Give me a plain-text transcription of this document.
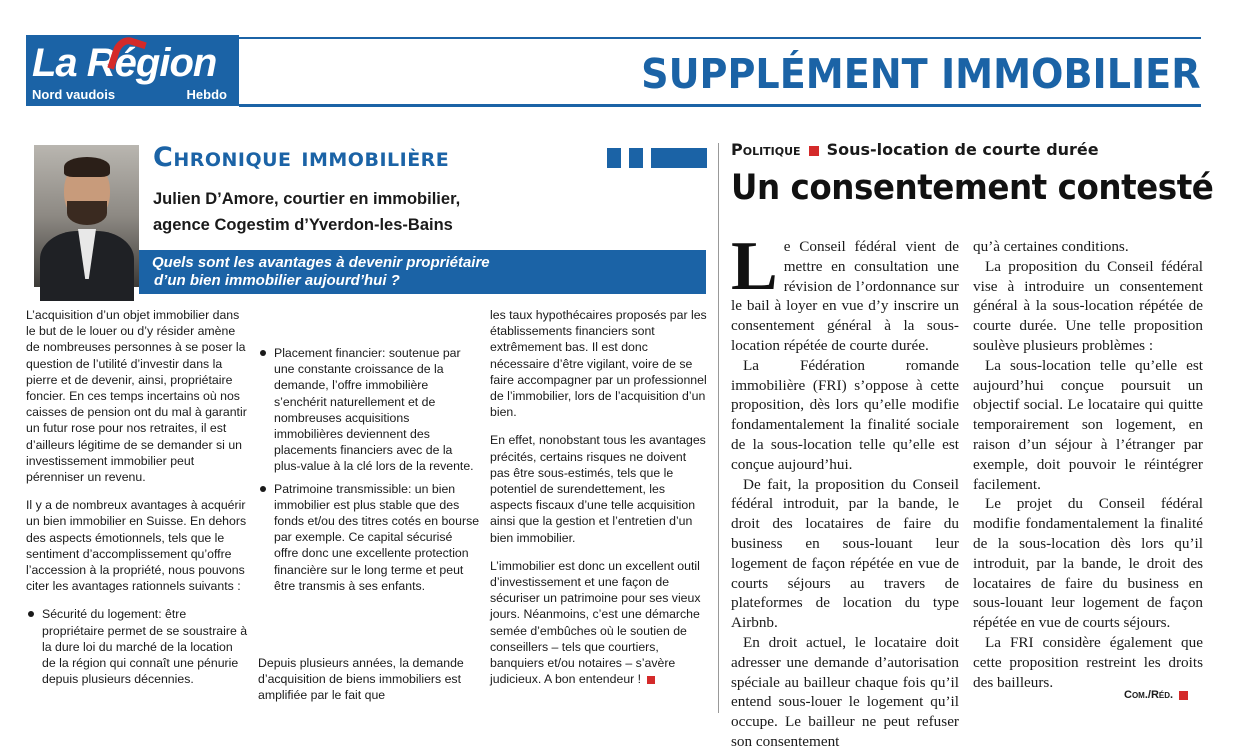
La Région
Nord vaudois	Hebdo	SUPPLÉMENT IMMOBILIER
Chronique immobilière
Julien D’Amore, courtier en immobilier,
agence Cogestim d’Yverdon-les-Bains
Quels sont les avantages à devenir propriétaire
d’un bien immobilier aujourd’hui ?

L’acquisition d’un objet immobilier dans le but de le louer ou d’y résider amène de nombreuses personnes à se poser la question de l’utilité d’investir dans la pierre et de devenir, ainsi, propriétaire foncier. En ces temps incertains où nos caisses de pension ont du mal à garantir un futur rose pour nos retraites, il est d’ailleurs légitime de se demander si un investissement immobilier peut pérenniser un revenu.

Il y a de nombreux avantages à acquérir un bien immobilier en Suisse. En dehors des aspects émotionnels, tels que le sentiment d’accomplissement qu’offre l’accession à la propriété, nous pouvons citer les avantages rationnels suivants :

Sécurité du logement: être propriétaire permet de se soustraire à la dure loi du marché de la location de la région qui connaît une pénurie depuis plusieurs décennies.
Placement financier: soutenue par une constante croissance de la demande, l’offre immobilière s’enchérit naturellement et de nombreuses acquisitions immobilières deviennent des placements financiers avec de la plus-value à la clé lors de la revente.
Patrimoine transmissible: un bien immobilier est plus stable que des fonds et/ou des titres cotés en bourse par exemple. Ce capital sécurisé offre donc une excellente protection financière sur le long terme et peut être transmis à ses enfants.

Depuis plusieurs années, la demande d’acquisition de biens immobiliers est amplifiée par le fait que

les taux hypothécaires proposés par les établissements financiers sont extrêmement bas. Il est donc nécessaire d’être vigilant, voire de se faire accompagner par un professionnel de l’immobilier, lors de l’acquisition d’un bien.

En effet, nonobstant tous les avantages précités, certains risques ne doivent pas être sous-estimés, tels que le potentiel de surendettement, les aspects fiscaux d’une telle acquisition ainsi que la gestion et l’entretien d’un bien immobilier.

L’immobilier est donc un excellent outil d’investissement et une façon de sécuriser un patrimoine pour ses vieux jours. Néanmoins, c’est une démarche semée d’embûches où le soutien de conseillers – tels que courtiers, banquiers et/ou notaires – s’avère judicieux. A bon entendeur !

Politique Sous-location de courte durée
Un consentement contesté

Le Conseil fédéral vient de mettre en consultation une révision de l’ordonnance sur le bail à loyer en vue d’y inscrire un consentement général à la sous-location répétée de courte durée.

La Fédération romande immobilière (FRI) s’oppose à cette proposition, dès lors qu’elle modifie fondamentalement la finalité sociale de la sous-location telle qu’elle est conçue aujourd’hui.

De fait, la proposition du Conseil fédéral introduit, par la bande, le droit des locataires de faire du business en sous-louant leur logement de façon répétée en vue de courts séjours au travers de plateformes de location du type Airbnb.

En droit actuel, le locataire doit adresser une demande d’autorisation spéciale au bailleur chaque fois qu’il entend sous-louer le logement qu’il occupe. Le bailleur ne peut refuser son consentement

qu’à certaines conditions.

La proposition du Conseil fédéral vise à introduire un consentement général à la sous-location répétée de courte durée. Une telle proposition soulève plusieurs problèmes :

La sous-location telle qu’elle est aujourd’hui conçue poursuit un objectif social. Le locataire qui quitte temporairement son logement, en raison d’un séjour à l’étranger par exemple, doit pouvoir le réintégrer facilement.

Le projet du Conseil fédéral modifie fondamentalement la finalité de la sous-location dès lors qu’il introduit, par la bande, le droit des locataires de faire du business en sous-louant leur logement de façon répétée en vue de courts séjours.

La FRI considère également que cette proposition restreint les droits des bailleurs.

Com./Réd.
